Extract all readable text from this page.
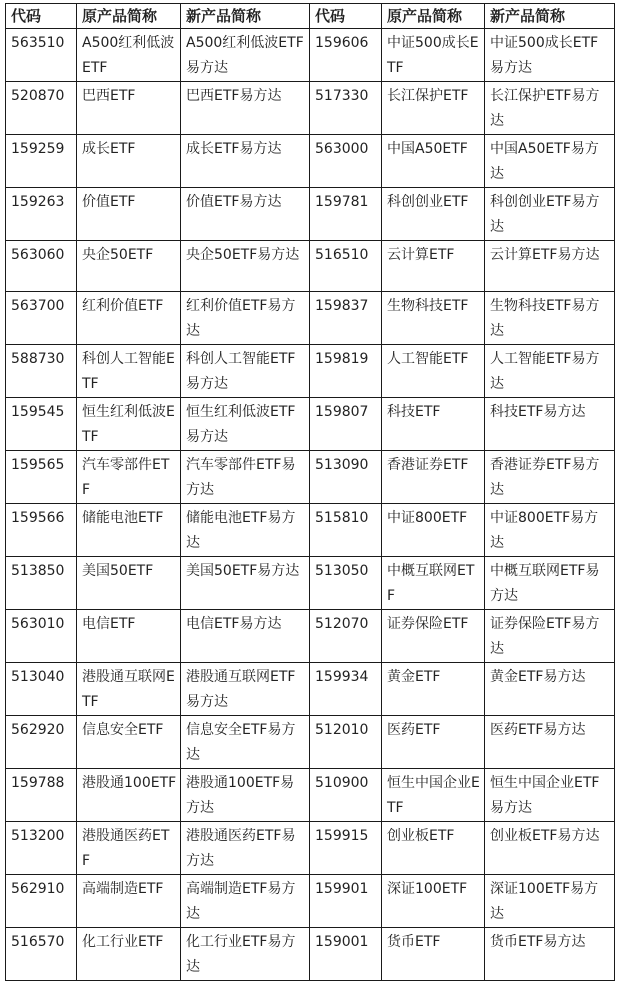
代码	原产品简称	新产品简称	代码	原产品简称	新产品简称
563510	A500红利低波ETF	A500红利低波ETF易方达	159606	中证500成长ETF	中证500成长ETF易方达
520870	巴西ETF	巴西ETF易方达	517330	长江保护ETF	长江保护ETF易方达
159259	成长ETF	成长ETF易方达	563000	中国A50ETF	中国A50ETF易方达
159263	价值ETF	价值ETF易方达	159781	科创创业ETF	科创创业ETF易方达
563060	央企50ETF	央企50ETF易方达	516510	云计算ETF	云计算ETF易方达
563700	红利价值ETF	红利价值ETF易方达	159837	生物科技ETF	生物科技ETF易方达
588730	科创人工智能ETF	科创人工智能ETF易方达	159819	人工智能ETF	人工智能ETF易方达
159545	恒生红利低波ETF	恒生红利低波ETF易方达	159807	科技ETF	科技ETF易方达
159565	汽车零部件ETF	汽车零部件ETF易方达	513090	香港证券ETF	香港证券ETF易方达
159566	储能电池ETF	储能电池ETF易方达	515810	中证800ETF	中证800ETF易方达
513850	美国50ETF	美国50ETF易方达	513050	中概互联网ETF	中概互联网ETF易方达
563010	电信ETF	电信ETF易方达	512070	证券保险ETF	证券保险ETF易方达
513040	港股通互联网ETF	港股通互联网ETF易方达	159934	黄金ETF	黄金ETF易方达
562920	信息安全ETF	信息安全ETF易方达	512010	医药ETF	医药ETF易方达
159788	港股通100ETF	港股通100ETF易方达	510900	恒生中国企业ETF	恒生中国企业ETF易方达
513200	港股通医药ETF	港股通医药ETF易方达	159915	创业板ETF	创业板ETF易方达
562910	高端制造ETF	高端制造ETF易方达	159901	深证100ETF	深证100ETF易方达
516570	化工行业ETF	化工行业ETF易方达	159001	货币ETF	货币ETF易方达
